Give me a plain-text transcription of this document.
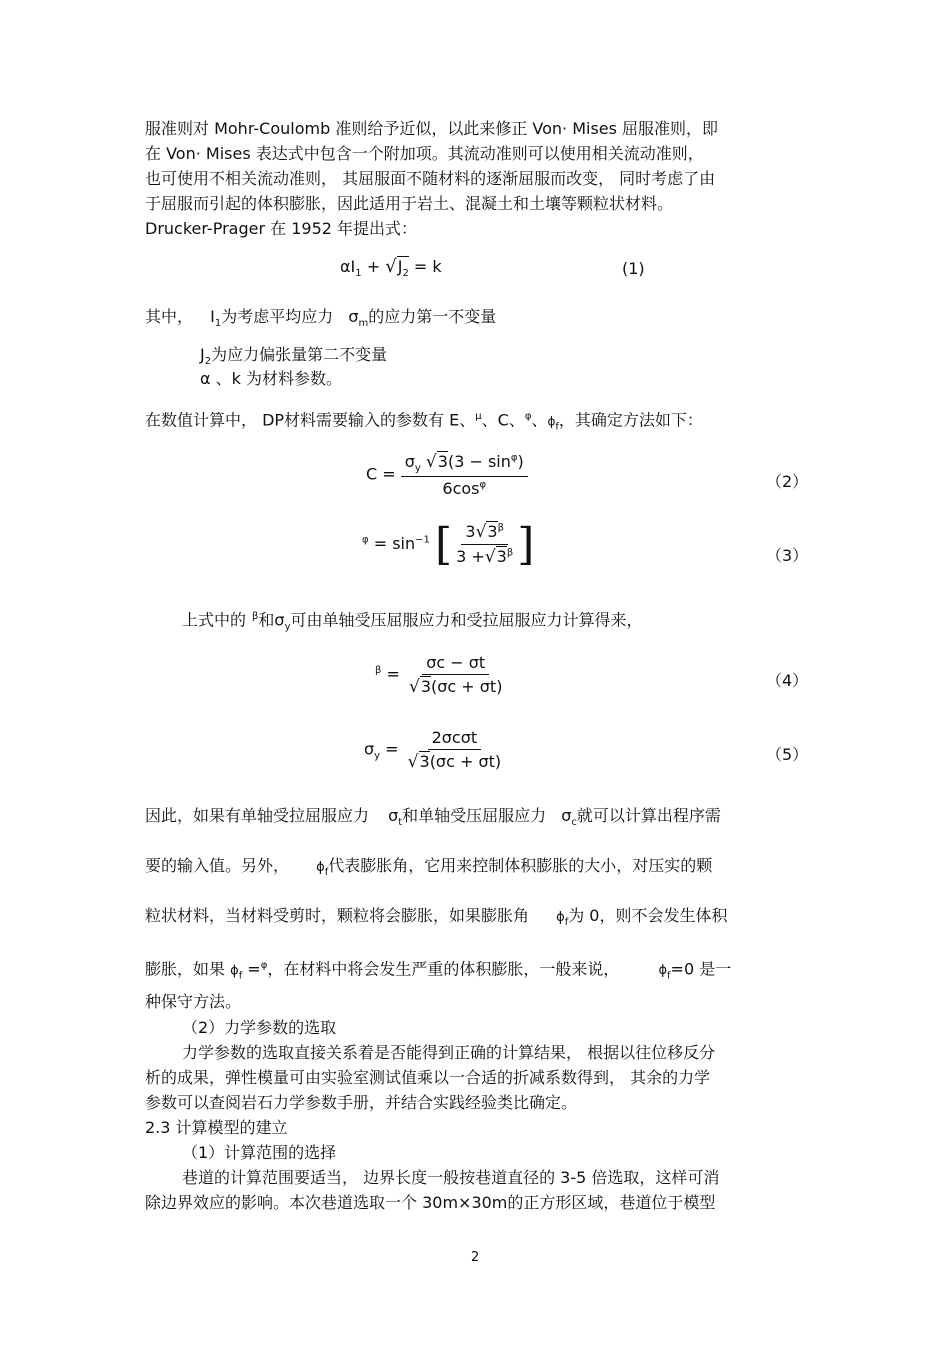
服准则对 Mohr-Coulomb 准则给予近似，以此来修正 Von· Mises 屈服准则，即
在 Von· Mises 表达式中包含一个附加项。其流动准则可以使用相关流动准则，
也可使用不相关流动准则， 其屈服面不随材料的逐渐屈服而改变， 同时考虑了由
于屈服而引起的体积膨胀，因此适用于岩土、混凝土和土壤等颗粒状材料。
Drucker-Prager 在 1952 年提出式：
$\alpha I_1 + √J_2 = k$	(1)
其中， $I_1$为考虑平均应力 $\sigma_m$的应力第一不变量
$J_2$为应力偏张量第二不变量
α 、k 为材料参数。
在数值计算中， DP材料需要输入的参数有 E、$^\mu$、C、$^\varphi$、$\phi_f$，其确定方法如下：
$C = \frac{\sigma_y √3(3 - \sin^\varphi)}{6\cos^\varphi}$	（2）
$^\varphi = \sin^{-1}$ [ $\frac{3√3^\beta}{3 +√3^\beta}$ ]	（3）
上式中的 $^\beta$和$\sigma_y$可由单轴受压屈服应力和受拉屈服应力计算得来，
$^\beta = \frac{\sigma c - \sigma t}{√3(\sigma c + \sigma t)}$	（4）
$\sigma_y = \frac{\text{2σcσt}}{√3(\sigma c + \sigma t)}$	（5）
因此，如果有单轴受拉屈服应力 $\sigma_t$和单轴受压屈服应力 $\sigma_c$就可以计算出程序需
要的输入值。另外， $\phi_f$代表膨胀角，它用来控制体积膨胀的大小，对压实的颗
粒状材料，当材料受剪时，颗粒将会膨胀，如果膨胀角 $\phi_f$为 0，则不会发生体积
膨胀，如果 $\phi_f =^\varphi$，在材料中将会发生严重的体积膨胀，一般来说，	$\phi_f=0$ 是一
种保守方法。
（2）力学参数的选取
力学参数的选取直接关系着是否能得到正确的计算结果， 根据以往位移反分
析的成果，弹性模量可由实验室测试值乘以一合适的折减系数得到， 其余的力学
参数可以查阅岩石力学参数手册，并结合实践经验类比确定。
2.3 计算模型的建立
（1）计算范围的选择
巷道的计算范围要适当， 边界长度一般按巷道直径的 3-5 倍选取，这样可消
除边界效应的影响。本次巷道选取一个 30m×30m的正方形区域，巷道位于模型
2
